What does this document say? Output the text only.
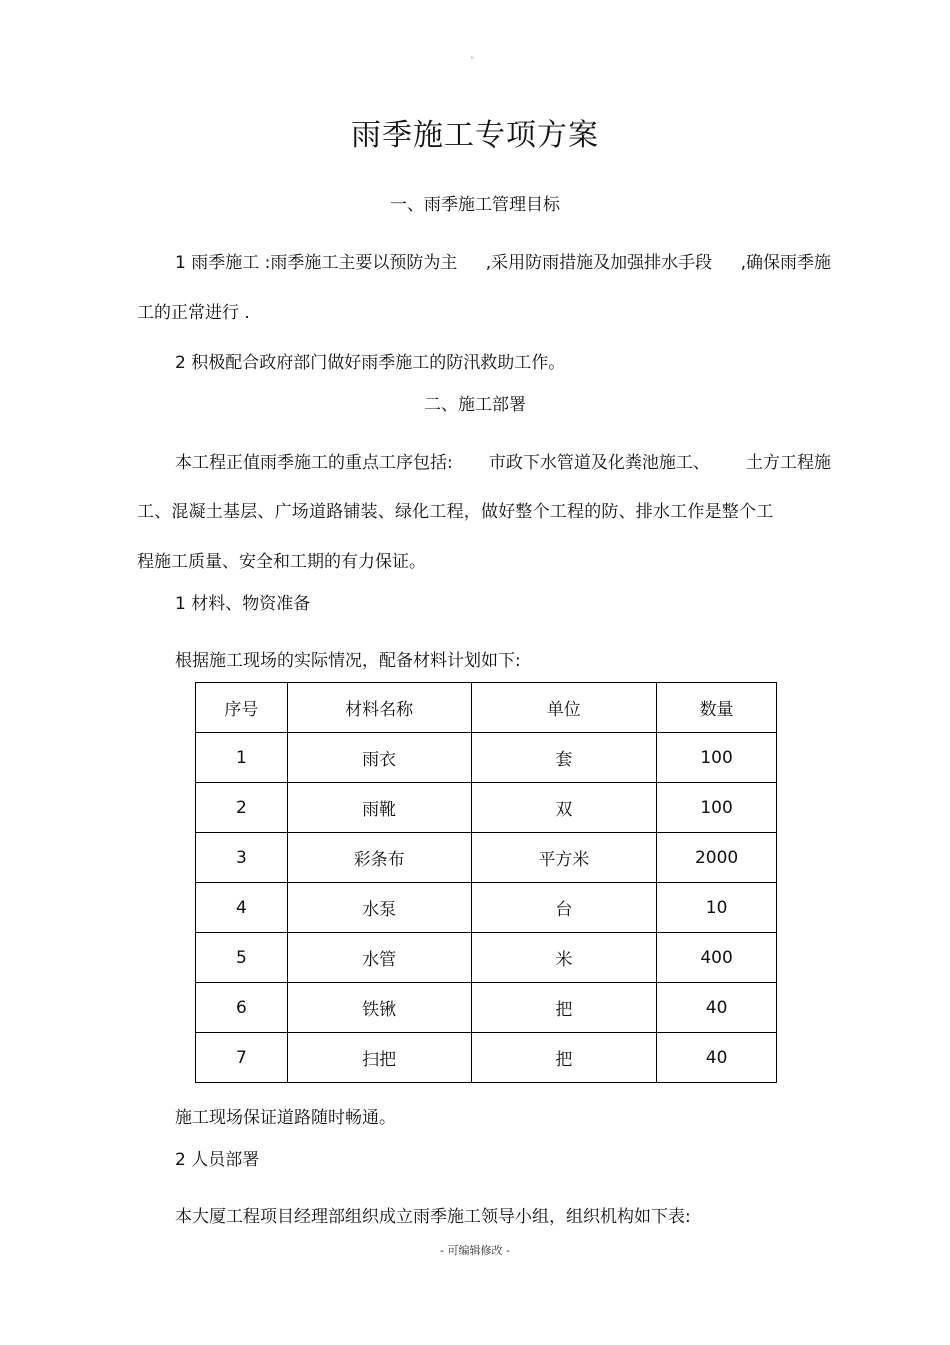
。
雨季施工专项方案
一、雨季施工管理目标
1 雨季施工 :雨季施工主要以预防为主 ,采用防雨措施及加强排水手段 ,确保雨季施
工的正常进行 .
2 积极配合政府部门做好雨季施工的防汛救助工作。
二、施工部署
本工程正值雨季施工的重点工序包括: 市政下水管道及化粪池施工、 土方工程施
工、混凝土基层、广场道路铺装、绿化工程，做好整个工程的防、排水工作是整个工
程施工质量、安全和工期的有力保证。
1 材料、物资准备
根据施工现场的实际情况，配备材料计划如下:
序号	材料名称	单位	数量
1	雨衣	套	100
2	雨靴	双	100
3	彩条布	平方米	2000
4	水泵	台	10
5	水管	米	400
6	铁锹	把	40
7	扫把	把	40
施工现场保证道路随时畅通。
2 人员部署
本大厦工程项目经理部组织成立雨季施工领导小组，组织机构如下表:
- 可编辑修改 -
